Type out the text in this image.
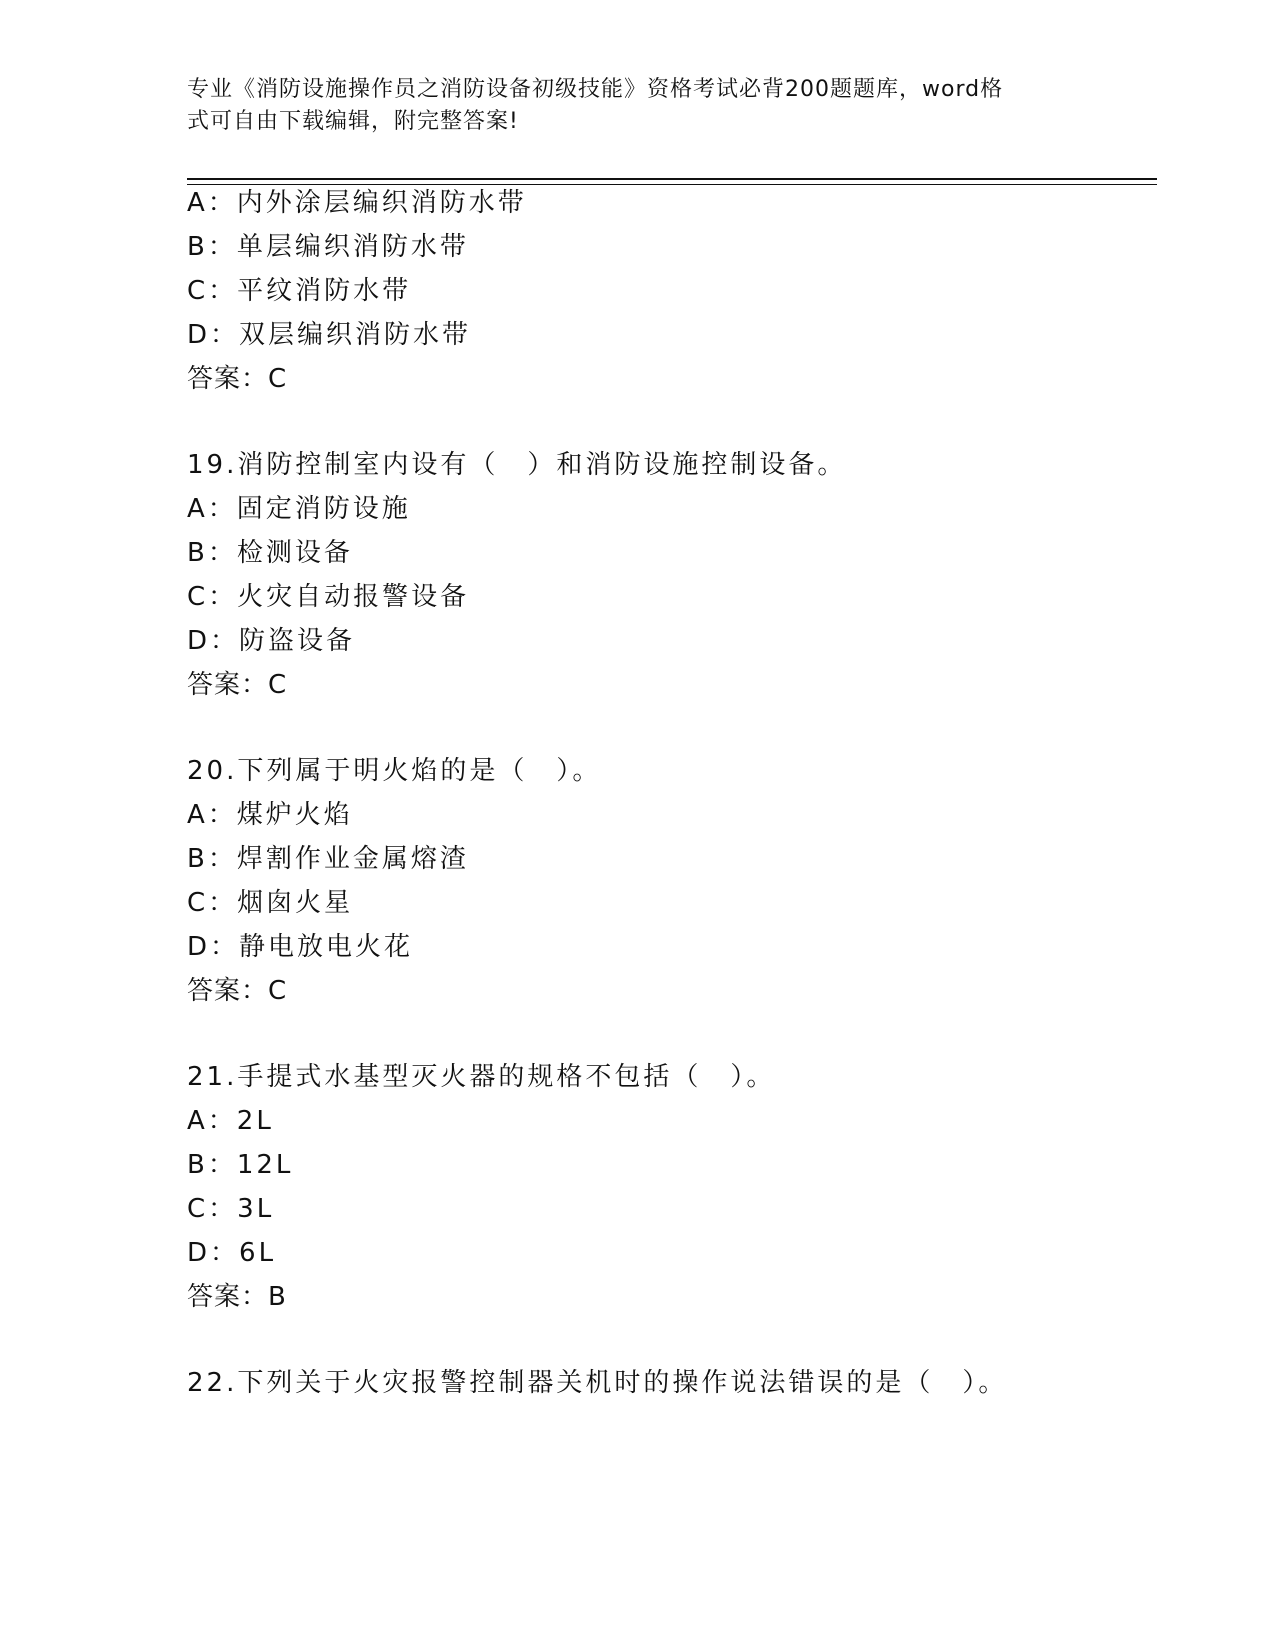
专业《消防设施操作员之消防设备初级技能》资格考试必背200题题库，word格
式可自由下载编辑，附完整答案!
A：内外涂层编织消防水带
B：单层编织消防水带
C：平纹消防水带
D：双层编织消防水带
答案：C
19.消防控制室内设有（　）和消防设施控制设备。
A：固定消防设施
B：检测设备
C：火灾自动报警设备
D：防盗设备
答案：C
20.下列属于明火焰的是（　）。
A：煤炉火焰
B：焊割作业金属熔渣
C：烟囱火星
D：静电放电火花
答案：C
21.手提式水基型灭火器的规格不包括（　）。
A：2L
B：12L
C：3L
D：6L
答案：B
22.下列关于火灾报警控制器关机时的操作说法错误的是（　）。
